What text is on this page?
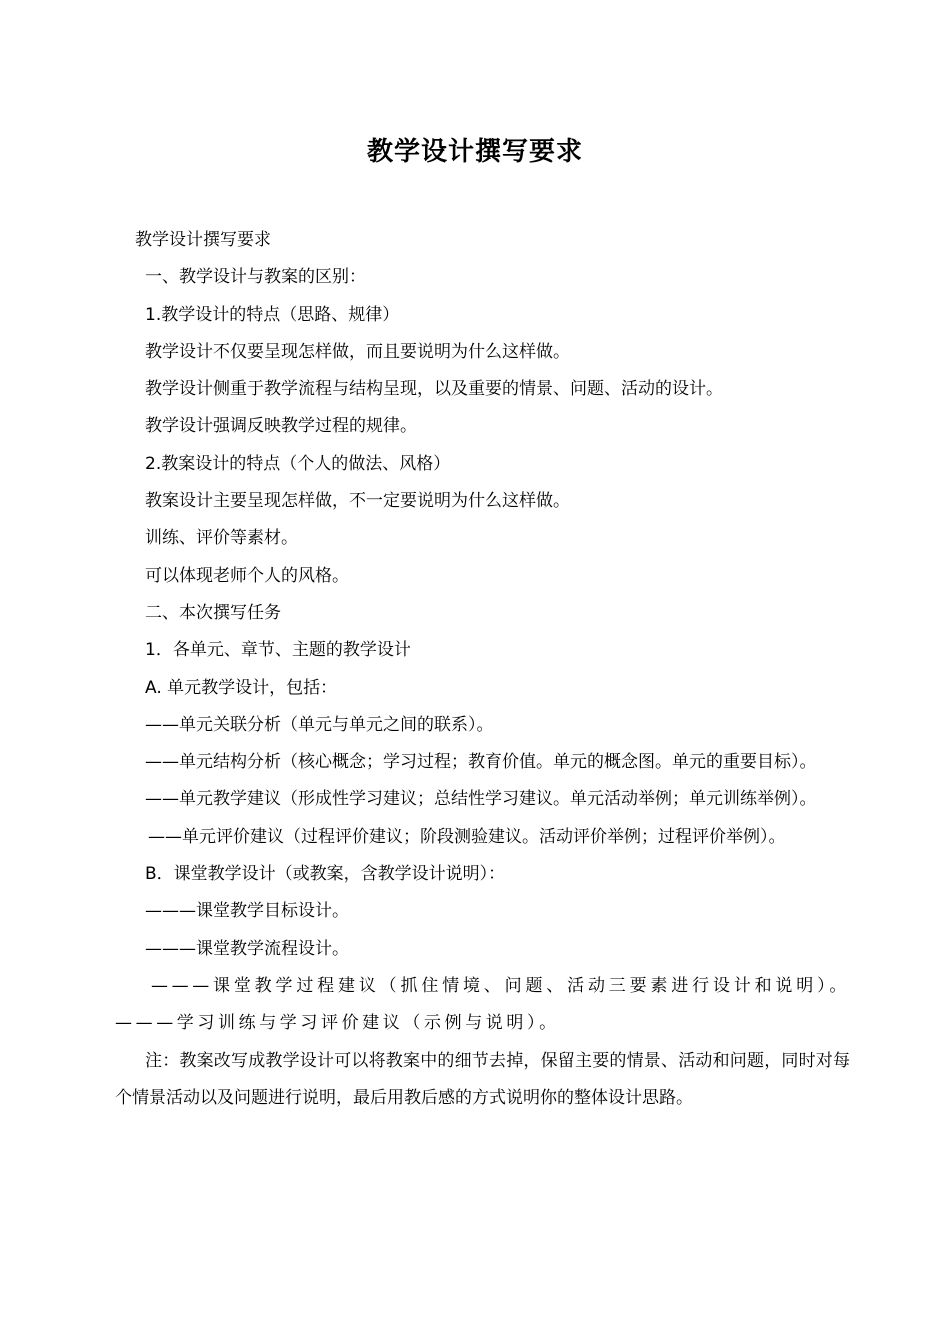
教学设计撰写要求

教学设计撰写要求

一、教学设计与教案的区别：

1.教学设计的特点（思路、规律）

教学设计不仅要呈现怎样做，而且要说明为什么这样做。

教学设计侧重于教学流程与结构呈现，以及重要的情景、问题、活动的设计。

教学设计强调反映教学过程的规律。

2.教案设计的特点（个人的做法、风格）

教案设计主要呈现怎样做，不一定要说明为什么这样做。

训练、评价等素材。

可以体现老师个人的风格。

二、本次撰写任务

1．各单元、章节、主题的教学设计

A. 单元教学设计，包括：

——单元关联分析（单元与单元之间的联系）。

——单元结构分析（核心概念；学习过程；教育价值。单元的概念图。单元的重要目标）。

——单元教学建议（形成性学习建议；总结性学习建议。单元活动举例；单元训练举例）。

——单元评价建议（过程评价建议；阶段测验建议。活动评价举例；过程评价举例）。

B．课堂教学设计（或教案，含教学设计说明）：

———课堂教学目标设计。

———课堂教学流程设计。

———课堂教学过程建议（抓住情境、问题、活动三要素进行设计和说明）。———学习训练与学习评价建议（示例与说明）。

注：教案改写成教学设计可以将教案中的细节去掉，保留主要的情景、活动和问题，同时对每个情景活动以及问题进行说明，最后用教后感的方式说明你的整体设计思路。
